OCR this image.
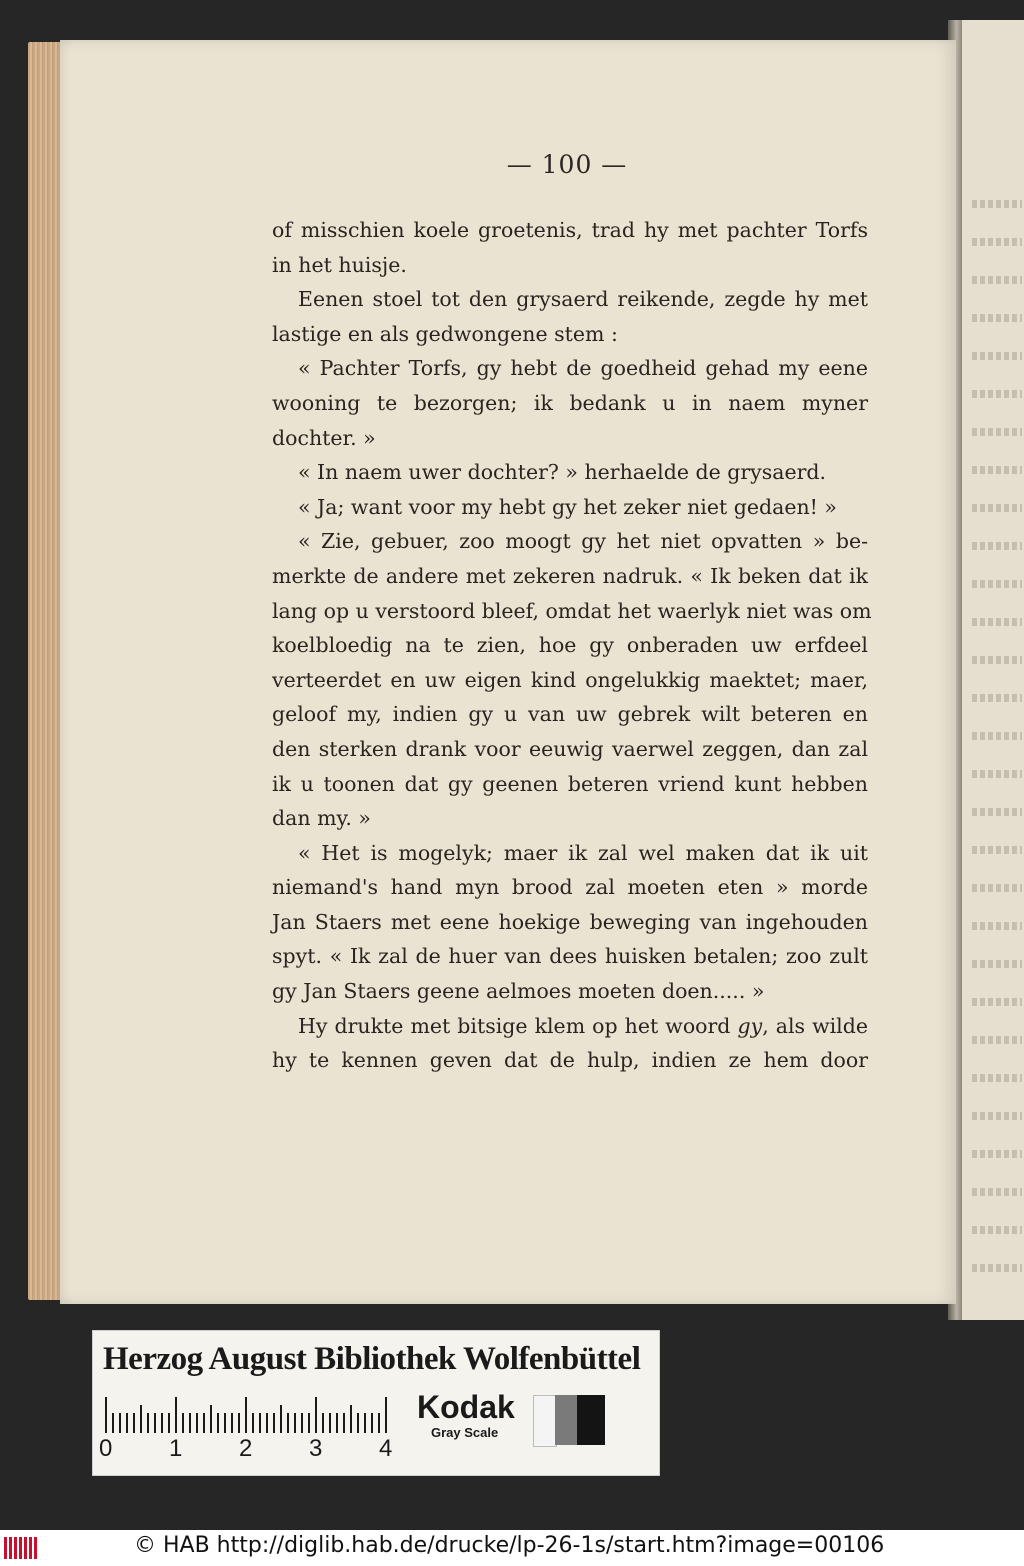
— 100 —
of misschien koele groetenis, trad hy met pachter Torfs
in het huisje.
Eenen stoel tot den grysaerd reikende, zegde hy met
lastige en als gedwongene stem :
« Pachter Torfs, gy hebt de goedheid gehad my eene
wooning te bezorgen; ik bedank u in naem myner
dochter. »
« In naem uwer dochter? » herhaelde de grysaerd.
« Ja; want voor my hebt gy het zeker niet gedaen! »
« Zie, gebuer, zoo moogt gy het niet opvatten » be-
merkte de andere met zekeren nadruk. « Ik beken dat ik
lang op u verstoord bleef, omdat het waerlyk niet was om
koelbloedig na te zien, hoe gy onberaden uw erfdeel
verteerdet en uw eigen kind ongelukkig maektet; maer,
geloof my, indien gy u van uw gebrek wilt beteren en
den sterken drank voor eeuwig vaerwel zeggen, dan zal
ik u toonen dat gy geenen beteren vriend kunt hebben
dan my. »
« Het is mogelyk; maer ik zal wel maken dat ik uit
niemand's hand myn brood zal moeten eten » morde
Jan Staers met eene hoekige beweging van ingehouden
spyt. « Ik zal de huer van dees huisken betalen; zoo zult
gy Jan Staers geene aelmoes moeten doen..... »
Hy drukte met bitsige klem op het woord gy, als wilde
hy te kennen geven dat de hulp, indien ze hem door
Herzog August Bibliothek Wolfenbüttel
0 1 2 3 4
Kodak
Gray Scale
© HAB http://diglib.hab.de/drucke/lp-26-1s/start.htm?image=00106
